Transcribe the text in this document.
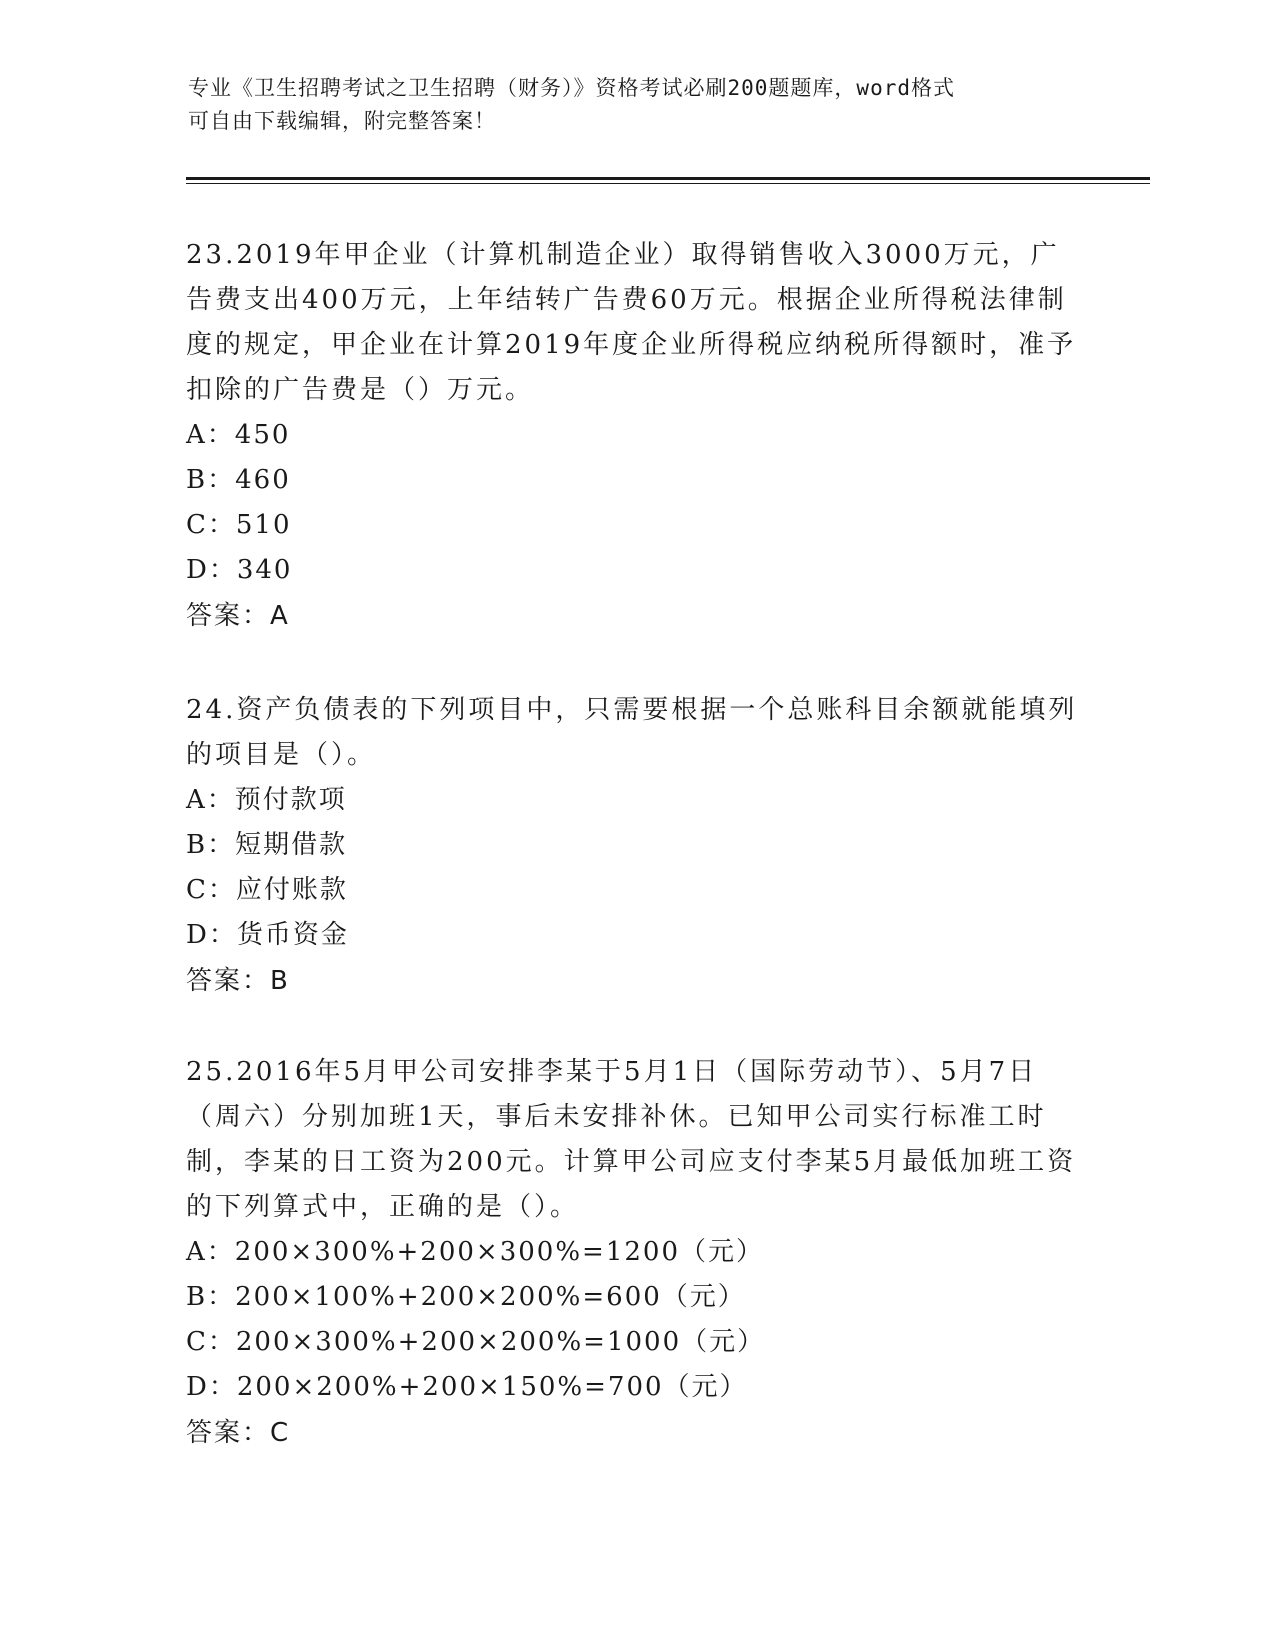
专业《卫生招聘考试之卫生招聘（财务）》资格考试必刷200题题库，word格式
可自由下载编辑，附完整答案！
23.2019年甲企业（计算机制造企业）取得销售收入3000万元，广告费支出400万元，上年结转广告费60万元。根据企业所得税法律制度的规定，甲企业在计算2019年度企业所得税应纳税所得额时，准予扣除的广告费是（）万元。
A：450
B：460
C：510
D：340
答案：A
24.资产负债表的下列项目中，只需要根据一个总账科目余额就能填列的项目是（）。
A：预付款项
B：短期借款
C：应付账款
D：货币资金
答案：B
25.2016年5月甲公司安排李某于5月1日（国际劳动节）、5月7日（周六）分别加班1天，事后未安排补休。已知甲公司实行标准工时制，李某的日工资为200元。计算甲公司应支付李某5月最低加班工资的下列算式中，正确的是（）。
A：200×300%+200×300%=1200（元）
B：200×100%+200×200%=600（元）
C：200×300%+200×200%=1000（元）
D：200×200%+200×150%=700（元）
答案：C
